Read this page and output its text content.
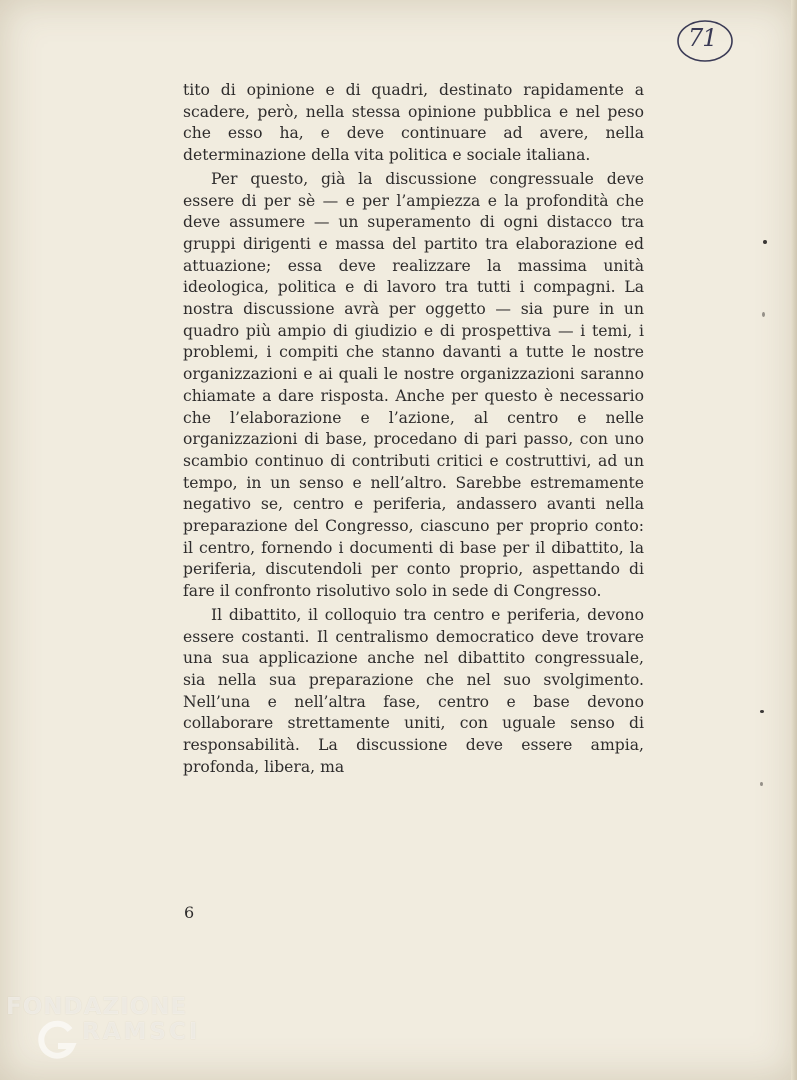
71

tito di opinione e di quadri, destinato rapidamente a scadere, però, nella stessa opinione pubblica e nel peso che esso ha, e deve continuare ad avere, nella determinazione della vita politica e sociale italiana.

Per questo, già la discussione congressuale deve essere di per sè — e per l’ampiezza e la profondità che deve assumere — un superamento di ogni distacco tra gruppi dirigenti e massa del partito tra elaborazione ed attuazione; essa deve realizzare la massima unità ideologica, politica e di lavoro tra tutti i compagni. La nostra discussione avrà per oggetto — sia pure in un quadro più ampio di giudizio e di prospettiva — i temi, i problemi, i compiti che stanno davanti a tutte le nostre organizzazioni e ai quali le nostre organizzazioni saranno chiamate a dare risposta. Anche per questo è necessario che l’elaborazione e l’azione, al centro e nelle organizzazioni di base, procedano di pari passo, con uno scambio continuo di contributi critici e costruttivi, ad un tempo, in un senso e nell’altro. Sarebbe estremamente negativo se, centro e periferia, andassero avanti nella preparazione del Congresso, ciascuno per proprio conto: il centro, fornendo i documenti di base per il dibattito, la periferia, discutendoli per conto proprio, aspettando di fare il confronto risolutivo solo in sede di Congresso.

Il dibattito, il colloquio tra centro e periferia, devono essere costanti. Il centralismo democratico deve trovare una sua applicazione anche nel dibattito congressuale, sia nella sua preparazione che nel suo svolgimento. Nell’una e nell’altra fase, centro e base devono collaborare strettamente uniti, con uguale senso di responsabilità. La discussione deve essere ampia, profonda, libera, ma

6
FONDAZIONE
RAMSCI
